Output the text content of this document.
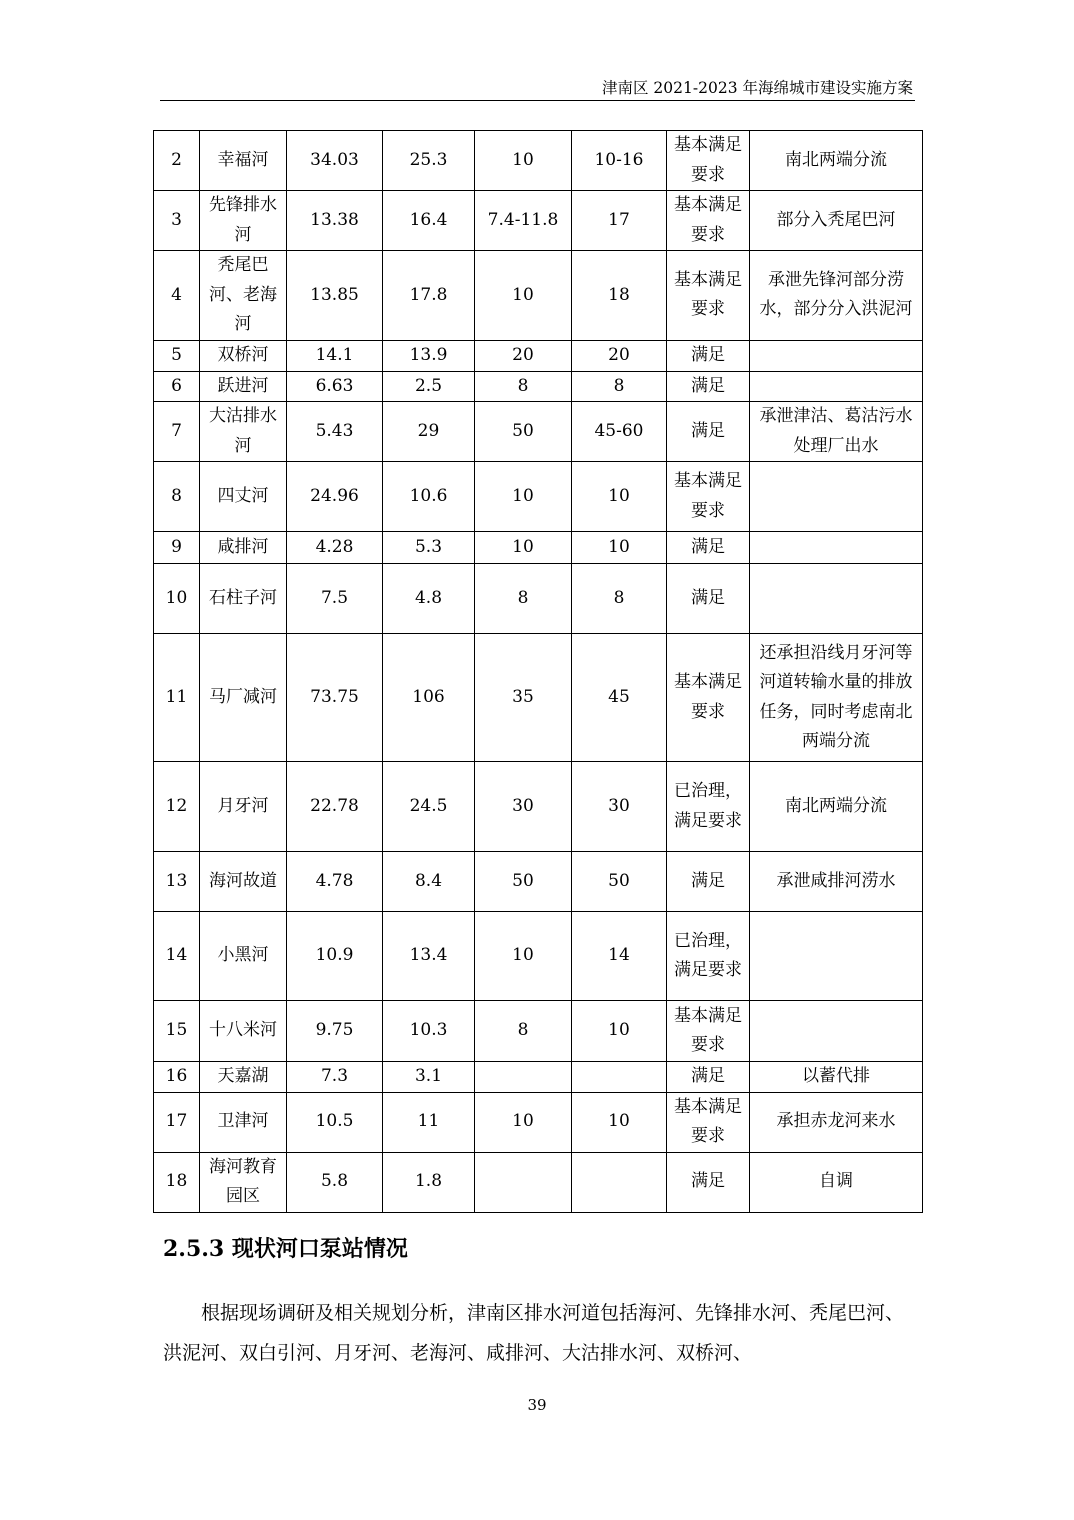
津南区 2021-2023 年海绵城市建设实施方案
2	幸福河	34.03	25.3	10	10-16	基本满足要求	南北两端分流
3	先锋排水河	13.38	16.4	7.4-11.8	17	基本满足要求	部分入秃尾巴河
4	秃尾巴河、老海河	13.85	17.8	10	18	基本满足要求	承泄先锋河部分涝水，部分分入洪泥河
5	双桥河	14.1	13.9	20	20	满足	
6	跃进河	6.63	2.5	8	8	满足	
7	大沽排水河	5.43	29	50	45-60	满足	承泄津沽、葛沽污水处理厂出水
8	四丈河	24.96	10.6	10	10	基本满足要求	
9	咸排河	4.28	5.3	10	10	满足	
10	石柱子河	7.5	4.8	8	8	满足	
11	马厂减河	73.75	106	35	45	基本满足要求	还承担沿线月牙河等河道转输水量的排放任务，同时考虑南北两端分流
12	月牙河	22.78	24.5	30	30	已治理，满足要求	南北两端分流
13	海河故道	4.78	8.4	50	50	满足	承泄咸排河涝水
14	小黑河	10.9	13.4	10	14	已治理，满足要求	
15	十八米河	9.75	10.3	8	10	基本满足要求	
16	天嘉湖	7.3	3.1			满足	以蓄代排
17	卫津河	10.5	11	10	10	基本满足要求	承担赤龙河来水
18	海河教育园区	5.8	1.8			满足	自调
2.5.3 现状河口泵站情况

根据现场调研及相关规划分析，津南区排水河道包括海河、先锋排水河、秃尾巴河、洪泥河、双白引河、月牙河、老海河、咸排河、大沽排水河、双桥河、

39
